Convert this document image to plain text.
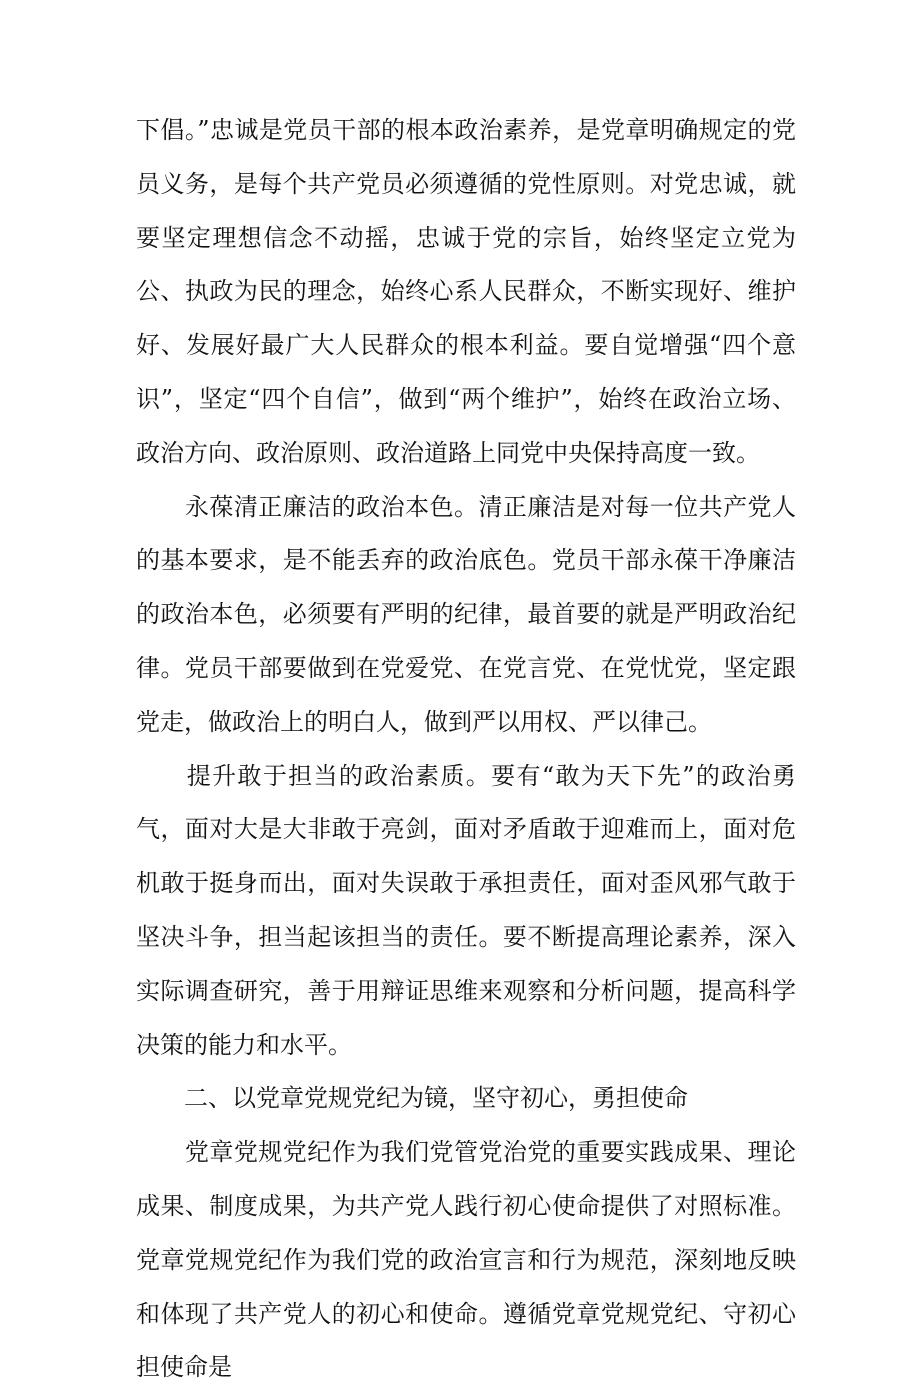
下倡。”忠诚是党员干部的根本政治素养，是党章明确规定的党员义务，是每个共产党员必须遵循的党性原则。对党忠诚，就要坚定理想信念不动摇，忠诚于党的宗旨，始终坚定立党为公、执政为民的理念，始终心系人民群众，不断实现好、维护好、发展好最广大人民群众的根本利益。要自觉增强“四个意识”，坚定“四个自信”，做到“两个维护”，始终在政治立场、政治方向、政治原则、政治道路上同党中央保持高度一致。

　　永葆清正廉洁的政治本色。清正廉洁是对每一位共产党人的基本要求，是不能丢弃的政治底色。党员干部永葆干净廉洁的政治本色，必须要有严明的纪律，最首要的就是严明政治纪律。党员干部要做到在党爱党、在党言党、在党忧党，坚定跟党走，做政治上的明白人，做到严以用权、严以律己。

　　提升敢于担当的政治素质。要有“敢为天下先”的政治勇气，面对大是大非敢于亮剑，面对矛盾敢于迎难而上，面对危机敢于挺身而出，面对失误敢于承担责任，面对歪风邪气敢于坚决斗争，担当起该担当的责任。要不断提高理论素养，深入实际调查研究，善于用辩证思维来观察和分析问题，提高科学决策的能力和水平。

　　二、以党章党规党纪为镜，坚守初心，勇担使命

　　党章党规党纪作为我们党管党治党的重要实践成果、理论成果、制度成果，为共产党人践行初心使命提供了对照标准。党章党规党纪作为我们党的政治宣言和行为规范，深刻地反映和体现了共产党人的初心和使命。遵循党章党规党纪、守初心担使命是
